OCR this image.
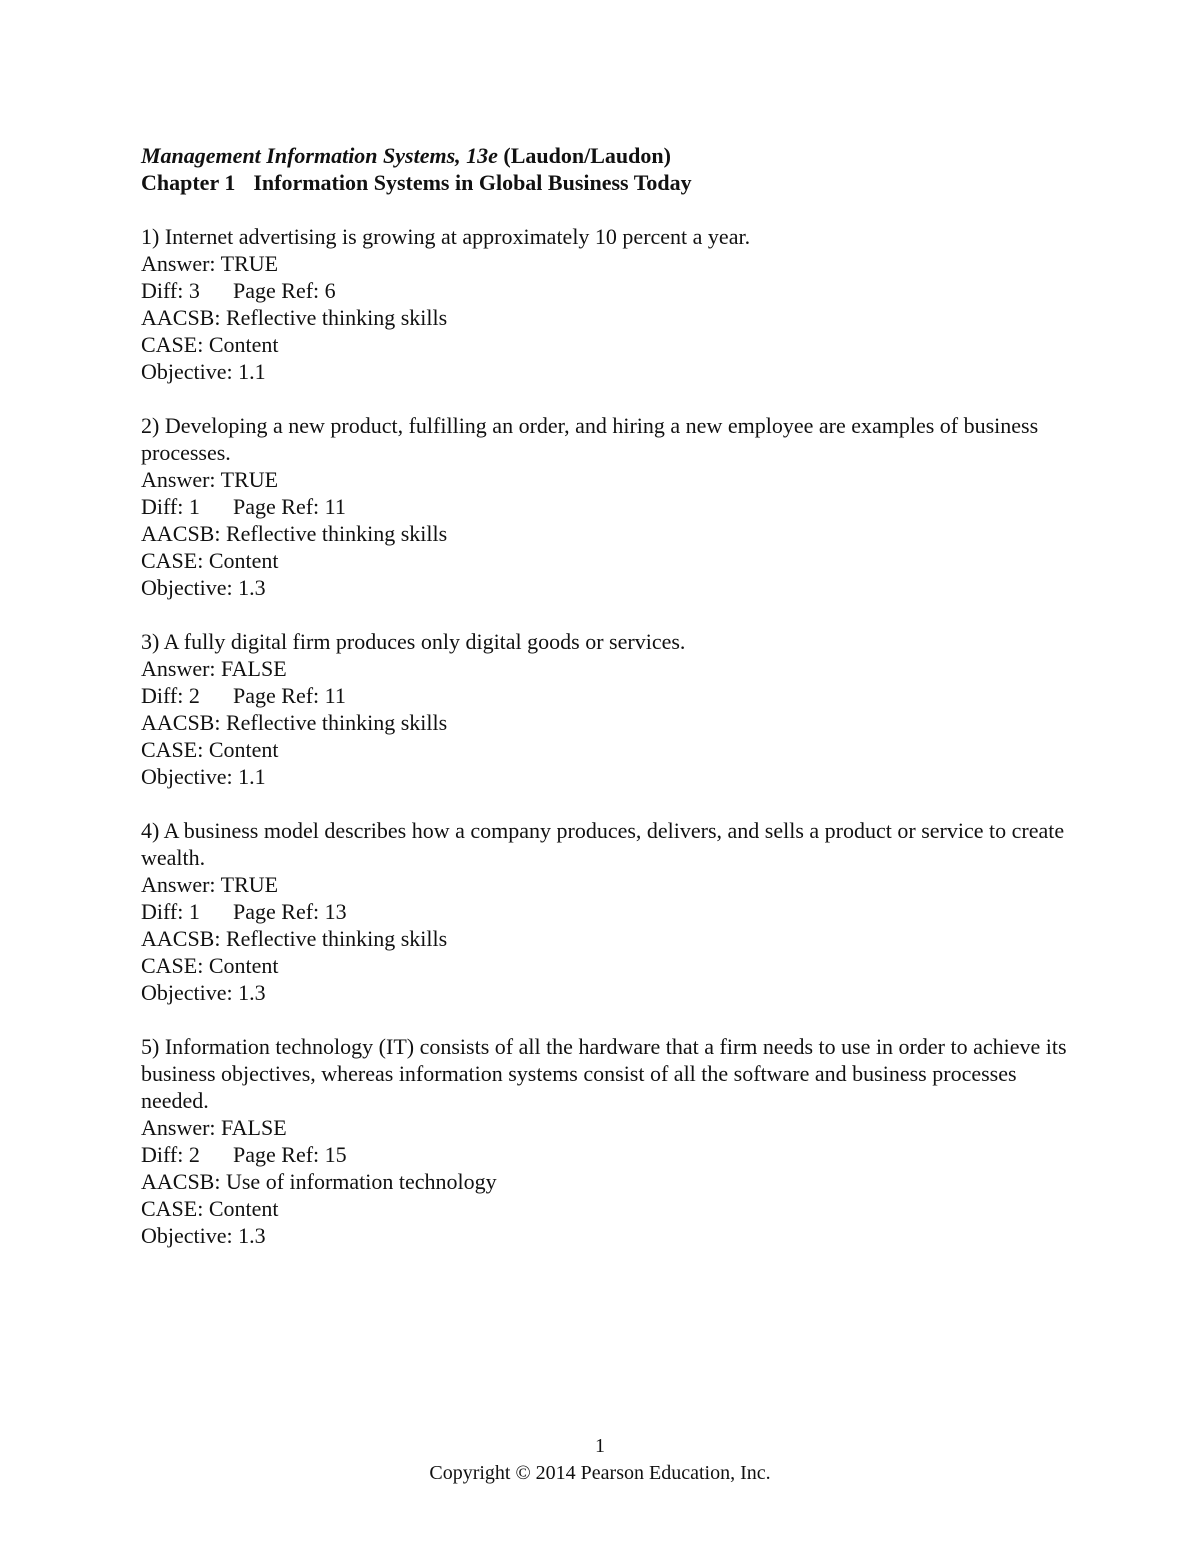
Management Information Systems, 13e (Laudon/Laudon)
Chapter 1 Information Systems in Global Business Today
1) Internet advertising is growing at approximately 10 percent a year.
Answer: TRUE
Diff: 3 Page Ref: 6
AACSB: Reflective thinking skills
CASE: Content
Objective: 1.1
2) Developing a new product, fulfilling an order, and hiring a new employee are examples of business processes.
Answer: TRUE
Diff: 1 Page Ref: 11
AACSB: Reflective thinking skills
CASE: Content
Objective: 1.3
3) A fully digital firm produces only digital goods or services.
Answer: FALSE
Diff: 2 Page Ref: 11
AACSB: Reflective thinking skills
CASE: Content
Objective: 1.1
4) A business model describes how a company produces, delivers, and sells a product or service to create wealth.
Answer: TRUE
Diff: 1 Page Ref: 13
AACSB: Reflective thinking skills
CASE: Content
Objective: 1.3
5) Information technology (IT) consists of all the hardware that a firm needs to use in order to achieve its business objectives, whereas information systems consist of all the software and business processes needed.
Answer: FALSE
Diff: 2 Page Ref: 15
AACSB: Use of information technology
CASE: Content
Objective: 1.3
1
Copyright © 2014 Pearson Education, Inc.
